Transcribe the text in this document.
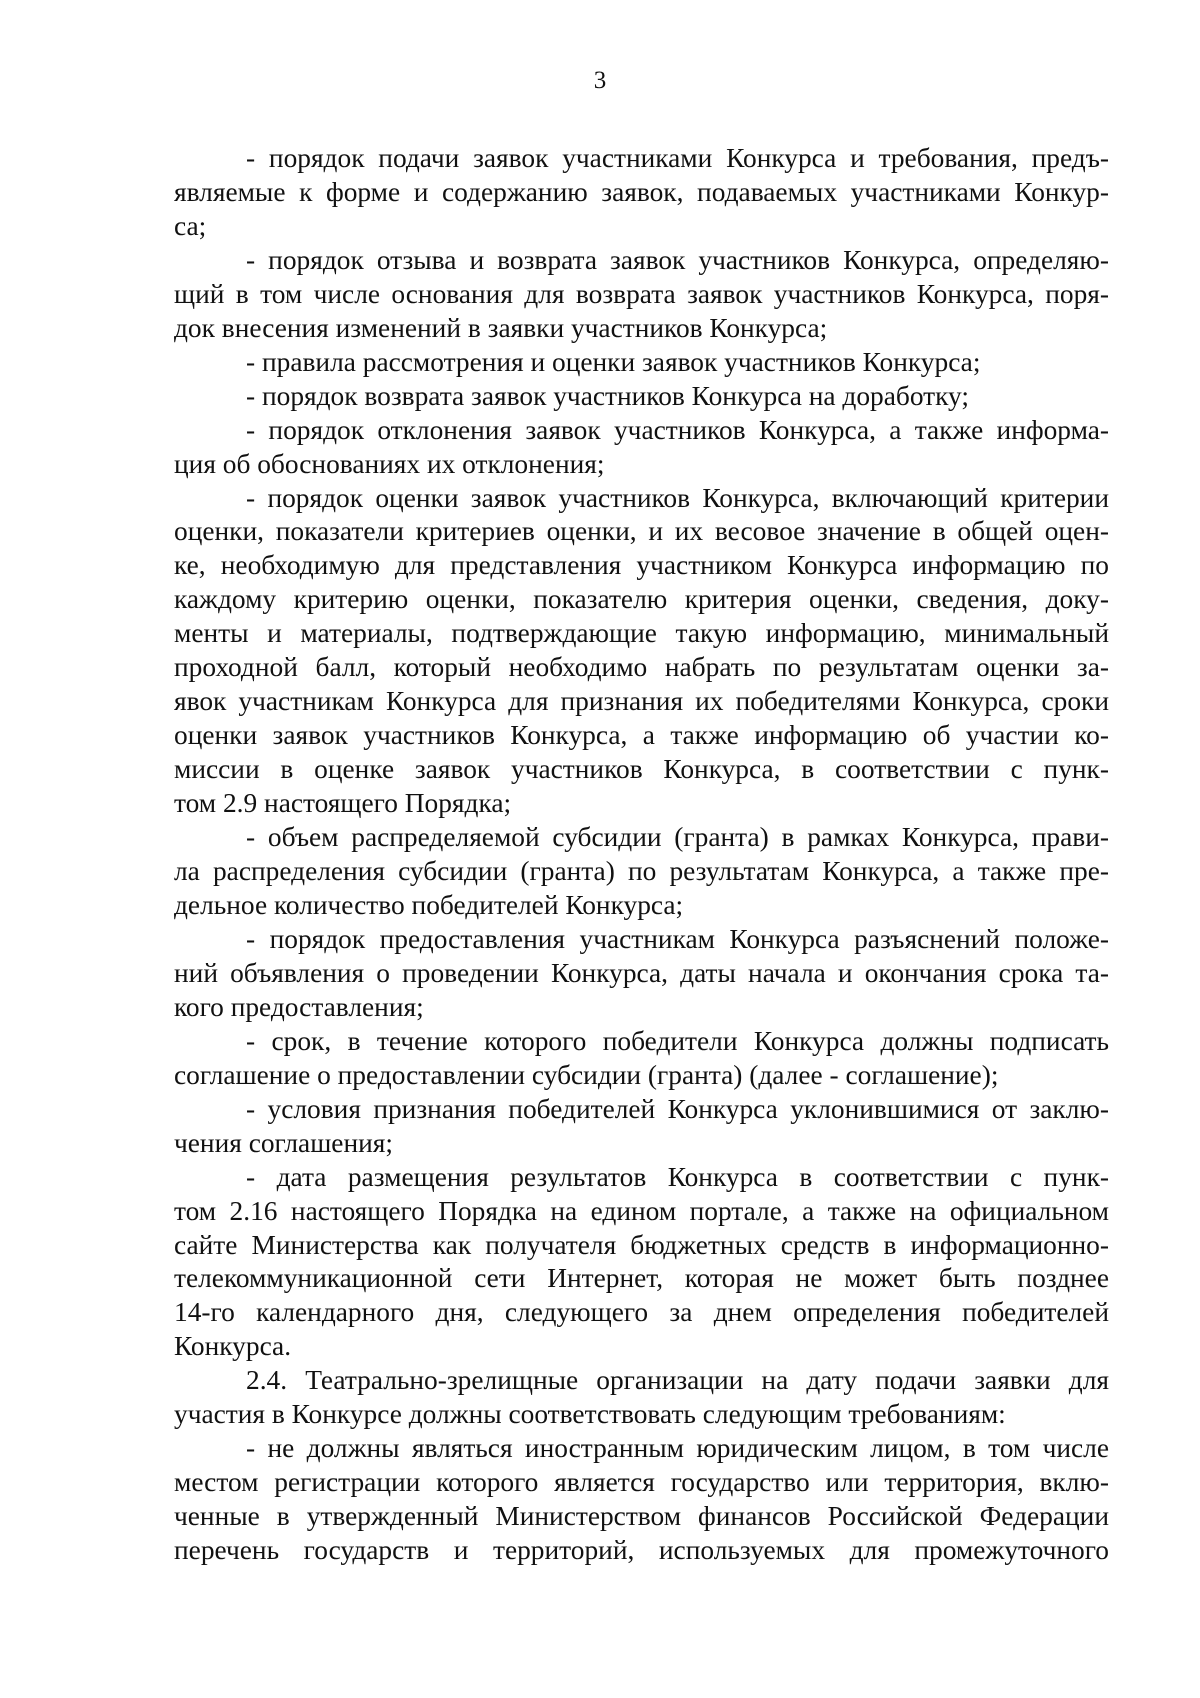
3
- порядок подачи заявок участниками Конкурса и требования, предъ-
являемые к форме и содержанию заявок, подаваемых участниками Конкур-
са;
- порядок отзыва и возврата заявок участников Конкурса, определяю-
щий в том числе основания для возврата заявок участников Конкурса, поря-
док внесения изменений в заявки участников Конкурса;
- правила рассмотрения и оценки заявок участников Конкурса;
- порядок возврата заявок участников Конкурса на доработку;
- порядок отклонения заявок участников Конкурса, а также информа-
ция об обоснованиях их отклонения;
- порядок оценки заявок участников Конкурса, включающий критерии
оценки, показатели критериев оценки, и их весовое значение в общей оцен-
ке, необходимую для представления участником Конкурса информацию по
каждому критерию оценки, показателю критерия оценки, сведения, доку-
менты и материалы, подтверждающие такую информацию, минимальный
проходной балл, который необходимо набрать по результатам оценки за-
явок участникам Конкурса для признания их победителями Конкурса, сроки
оценки заявок участников Конкурса, а также информацию об участии ко-
миссии в оценке заявок участников Конкурса, в соответствии с пунк-
том 2.9 настоящего Порядка;
- объем распределяемой субсидии (гранта) в рамках Конкурса, прави-
ла распределения субсидии (гранта) по результатам Конкурса, а также пре-
дельное количество победителей Конкурса;
- порядок предоставления участникам Конкурса разъяснений положе-
ний объявления о проведении Конкурса, даты начала и окончания срока та-
кого предоставления;
- срок, в течение которого победители Конкурса должны подписать
соглашение о предоставлении субсидии (гранта) (далее - соглашение);
- условия признания победителей Конкурса уклонившимися от заклю-
чения соглашения;
- дата размещения результатов Конкурса в соответствии с пунк-
том 2.16 настоящего Порядка на едином портале, а также на официальном
сайте Министерства как получателя бюджетных средств в информационно-
телекоммуникационной сети Интернет, которая не может быть позднее
14-го календарного дня, следующего за днем определения победителей
Конкурса.
2.4. Театрально-зрелищные организации на дату подачи заявки для
участия в Конкурсе должны соответствовать следующим требованиям:
- не должны являться иностранным юридическим лицом, в том числе
местом регистрации которого является государство или территория, вклю-
ченные в утвержденный Министерством финансов Российской Федерации
перечень государств и территорий, используемых для промежуточного
